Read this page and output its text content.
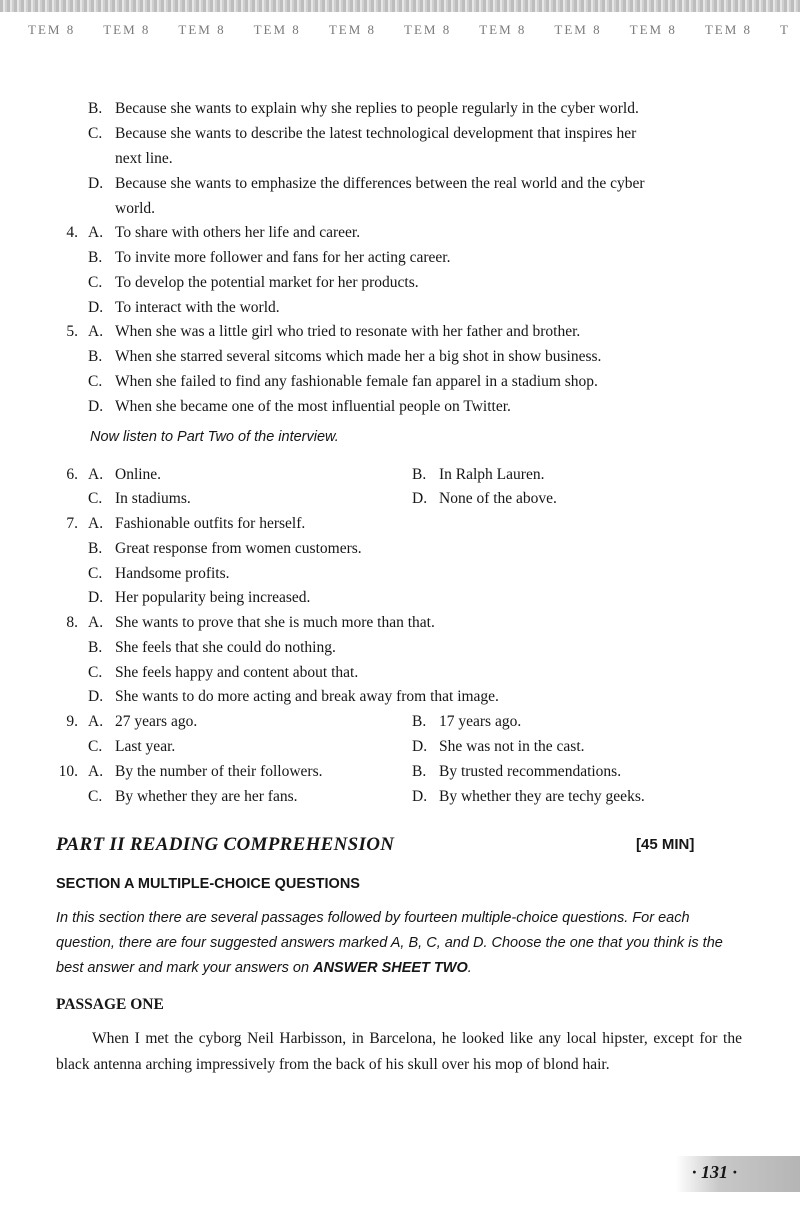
TEM 8	TEM 8	TEM 8	TEM 8	TEM 8	TEM 8	TEM 8	TEM 8	TEM 8	TEM 8	T
B. Because she wants to explain why she replies to people regularly in the cyber world.
C. Because she wants to describe the latest technological development that inspires her
next line.
D. Because she wants to emphasize the differences between the real world and the cyber
world.
4. A. To share with others her life and career.
B. To invite more follower and fans for her acting career.
C. To develop the potential market for her products.
D. To interact with the world.
5. A. When she was a little girl who tried to resonate with her father and brother.
B. When she starred several sitcoms which made her a big shot in show business.
C. When she failed to find any fashionable female fan apparel in a stadium shop.
D. When she became one of the most influential people on Twitter.
Now listen to Part Two of the interview.
6. A. Online.	B. In Ralph Lauren.
C. In stadiums.	D. None of the above.
7. A. Fashionable outfits for herself.
B. Great response from women customers.
C. Handsome profits.
D. Her popularity being increased.
8. A. She wants to prove that she is much more than that.
B. She feels that she could do nothing.
C. She feels happy and content about that.
D. She wants to do more acting and break away from that image.
9. A. 27 years ago.	B. 17 years ago.
C. Last year.	D. She was not in the cast.
10. A. By the number of their followers.	B. By trusted recommendations.
C. By whether they are her fans.	D. By whether they are techy geeks.
PART II READING COMPREHENSION	[45 MIN]
SECTION A MULTIPLE-CHOICE QUESTIONS
In this section there are several passages followed by fourteen multiple-choice questions. For each question, there are four suggested answers marked A, B, C, and D. Choose the one that you think is the best answer and mark your answers on ANSWER SHEET TWO.
PASSAGE ONE
When I met the cyborg Neil Harbisson, in Barcelona, he looked like any local hipster, except for the black antenna arching impressively from the back of his skull over his mop of blond hair.
· 131 ·
